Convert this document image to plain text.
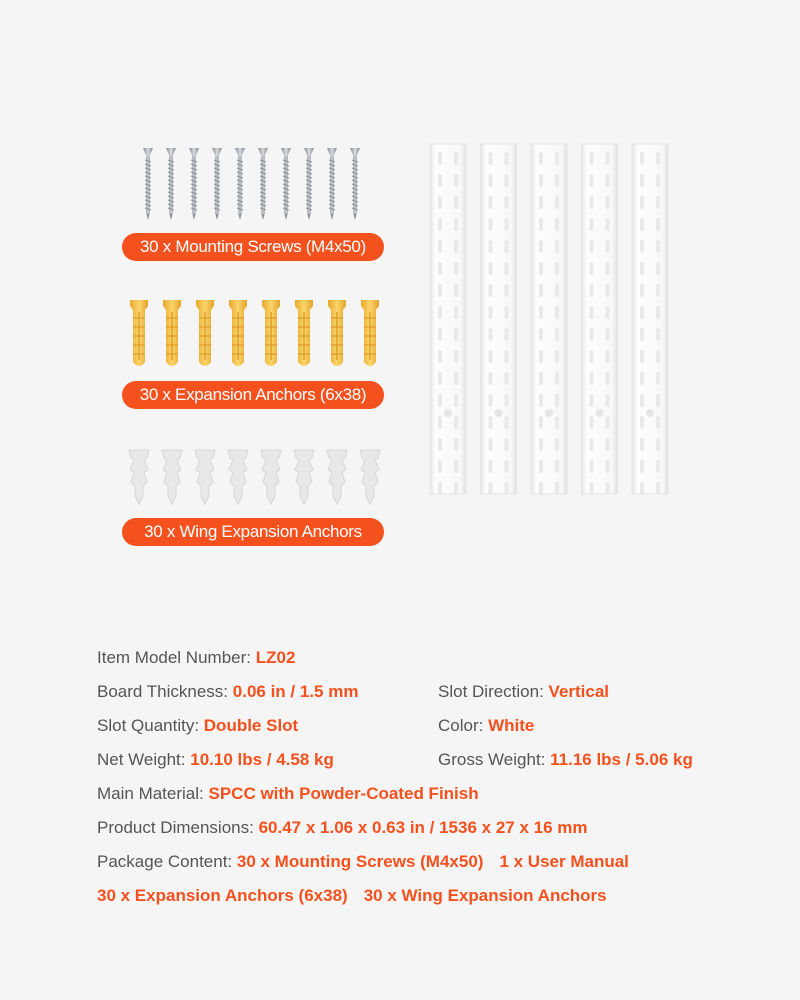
30 x Mounting Screws (M4x50)
30 x Expansion Anchors (6x38)
30 x Wing Expansion Anchors
Item Model Number: LZ02
Board Thickness: 0.06 in / 1.5 mm	Slot Direction: Vertical
Slot Quantity: Double Slot	Color: White
Net Weight: 10.10 lbs / 4.58 kg	Gross Weight: 11.16 lbs / 5.06 kg
Main Material: SPCC with Powder-Coated Finish
Product Dimensions: 60.47 x 1.06 x 0.63 in / 1536 x 27 x 16 mm
Package Content: 30 x Mounting Screws (M4x50) 1 x User Manual
30 x Expansion Anchors (6x38) 30 x Wing Expansion Anchors
